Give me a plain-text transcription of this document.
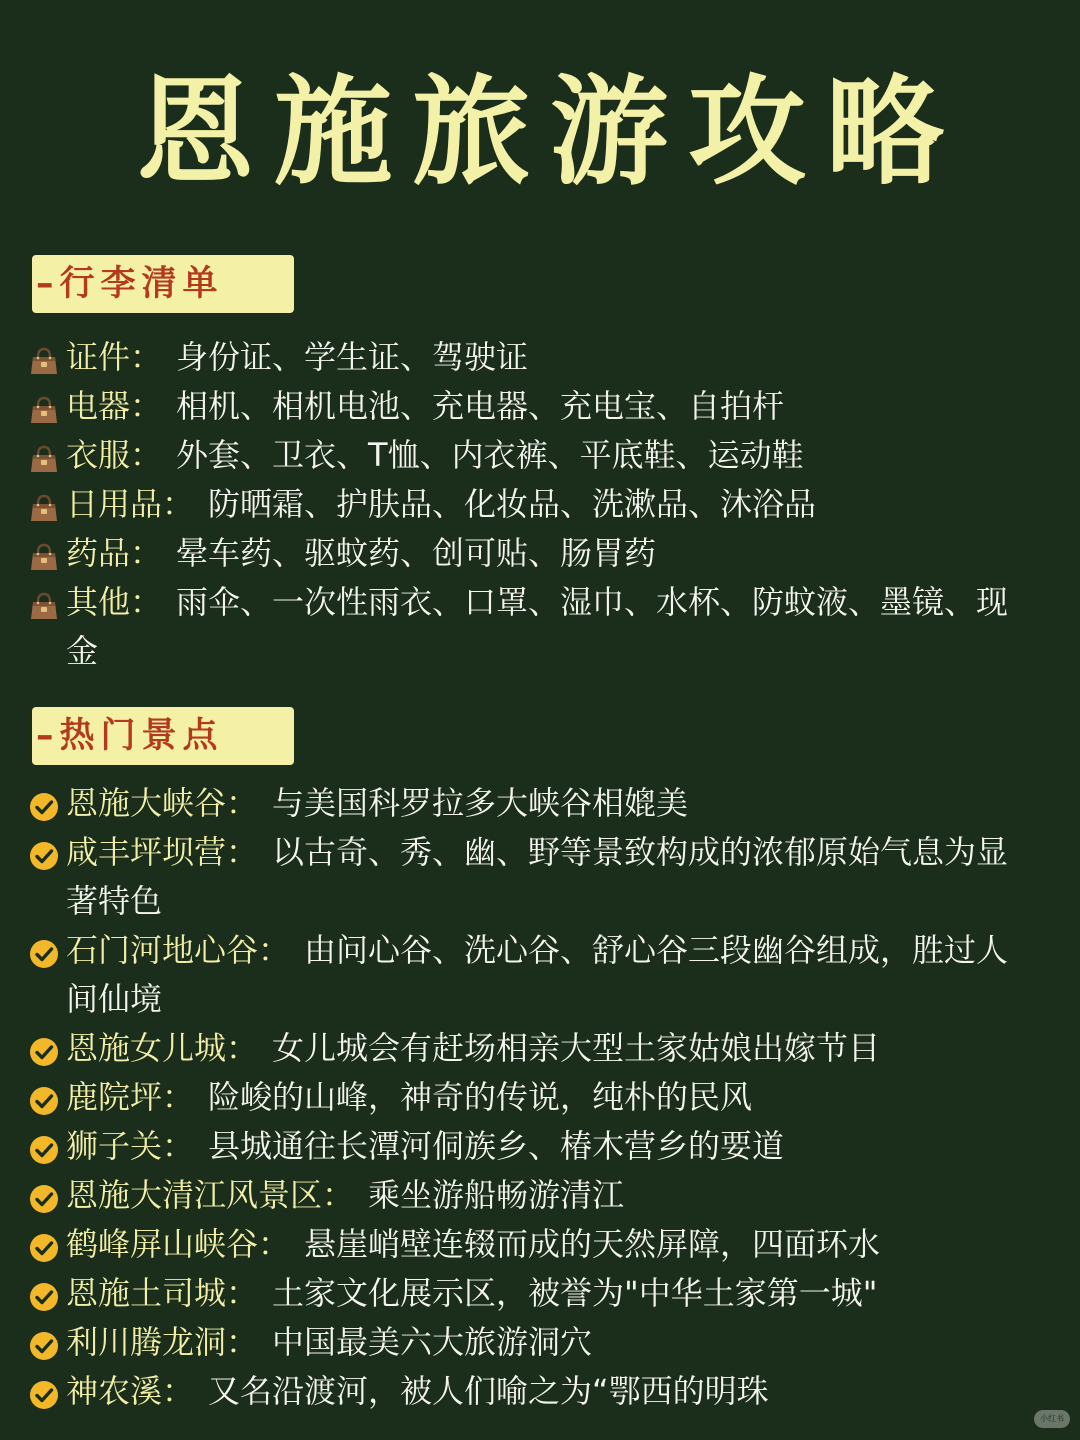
恩施旅游攻略
–行李清单
证件： 身份证、学生证、驾驶证
电器： 相机、相机电池、充电器、充电宝、自拍杆
衣服： 外套、卫衣、T恤、内衣裤、平底鞋、运动鞋
日用品： 防晒霜、护肤品、化妆品、洗漱品、沐浴品
药品： 晕车药、驱蚊药、创可贴、肠胃药
其他： 雨伞、一次性雨衣、口罩、湿巾、水杯、防蚊液、墨镜、现金
–热门景点
恩施大峡谷： 与美国科罗拉多大峡谷相媲美
咸丰坪坝营： 以古奇、秀、幽、野等景致构成的浓郁原始气息为显著特色
石门河地心谷： 由问心谷、洗心谷、舒心谷三段幽谷组成，胜过人间仙境
恩施女儿城： 女儿城会有赶场相亲大型土家姑娘出嫁节目
鹿院坪： 险峻的山峰，神奇的传说，纯朴的民风
狮子关： 县城通往长潭河侗族乡、椿木营乡的要道
恩施大清江风景区： 乘坐游船畅游清江
鹤峰屏山峡谷： 悬崖峭壁连辍而成的天然屏障，四面环水
恩施土司城： 土家文化展示区，被誉为"中华土家第一城"
利川腾龙洞： 中国最美六大旅游洞穴
神农溪： 又名沿渡河，被人们喻之为“鄂西的明珠
小红书
